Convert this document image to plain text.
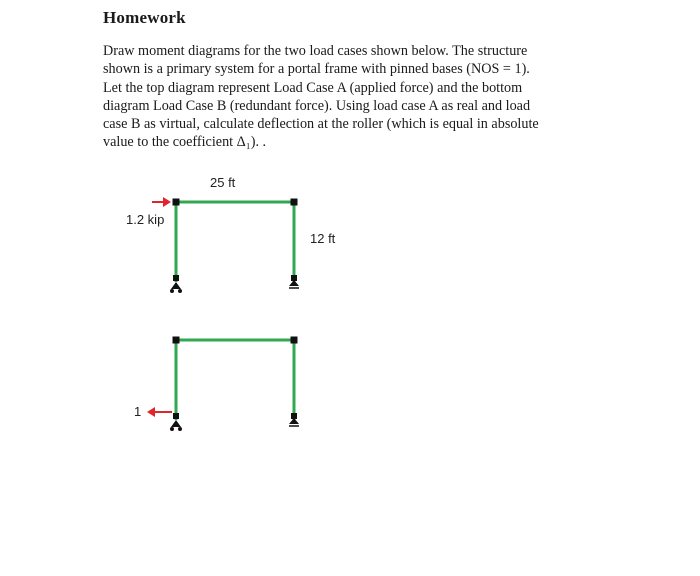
Homework
Draw moment diagrams for the two load cases shown below. The structure
shown is a primary system for a portal frame with pinned bases (NOS = 1).
Let the top diagram represent Load Case A (applied force) and the bottom
diagram Load Case B (redundant force). Using load case A as real and load
case B as virtual, calculate deflection at the roller (which is equal in absolute
value to the coefficient Δ₁). .
25 ft
1.2 kip
12 ft
1
